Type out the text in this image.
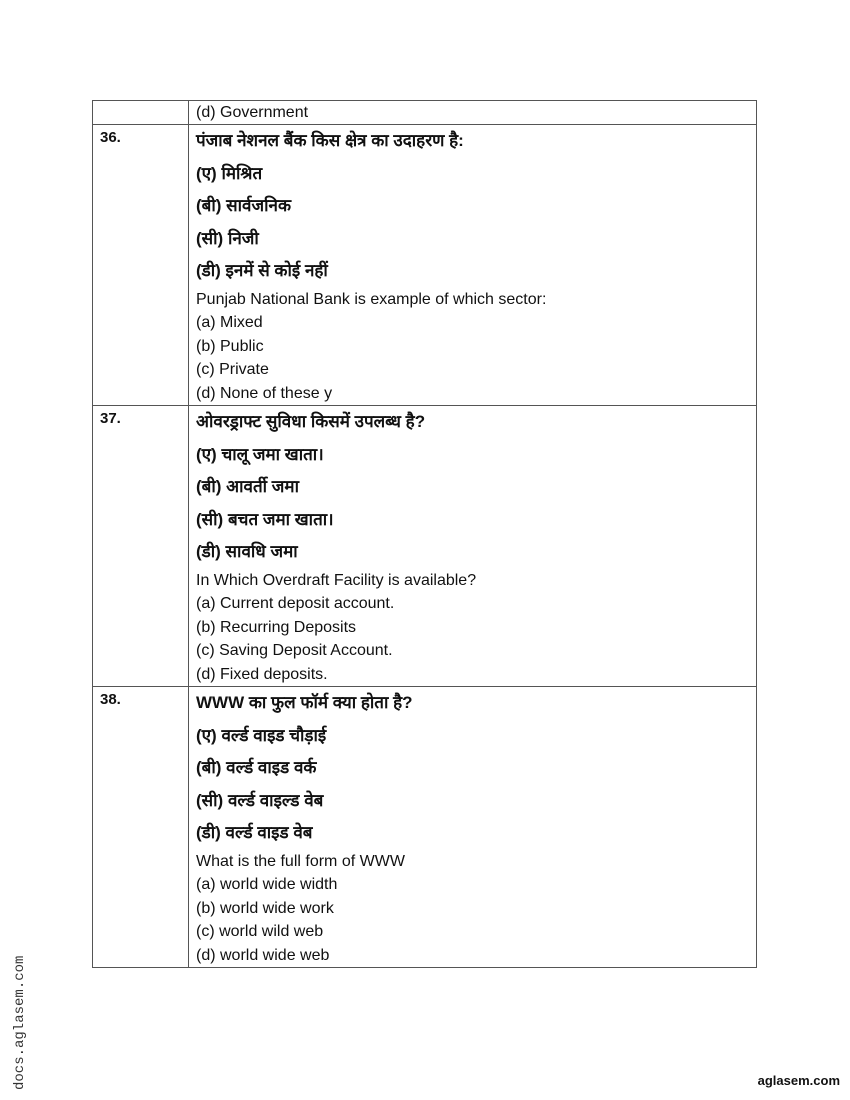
	(d) Government

36.	पंजाब नेशनल बैंक किस क्षेत्र का उदाहरण है:
(ए) मिश्रित
(बी) सार्वजनिक
(सी) निजी
(डी) इनमें से कोई नहीं
Punjab National Bank is example of which sector:
(a) Mixed
(b) Public
(c) Private
(d) None of these y

37.	ओवरड्राफ्ट सुविधा किसमें उपलब्ध है?
(ए) चालू जमा खाता।
(बी) आवर्ती जमा
(सी) बचत जमा खाता।
(डी) सावधि जमा
In Which Overdraft Facility is available?
(a) Current deposit account.
(b) Recurring Deposits
(c) Saving Deposit Account.
(d) Fixed deposits.

38.	WWW का फुल फॉर्म क्या होता है?
(ए) वर्ल्ड वाइड चौड़ाई
(बी) वर्ल्ड वाइड वर्क
(सी) वर्ल्ड वाइल्ड वेब
(डी) वर्ल्ड वाइड वेब
What is the full form of WWW
(a) world wide width
(b) world wide work
(c) world wild web
(d) world wide web
docs.aglasem.com	aglasem.com
